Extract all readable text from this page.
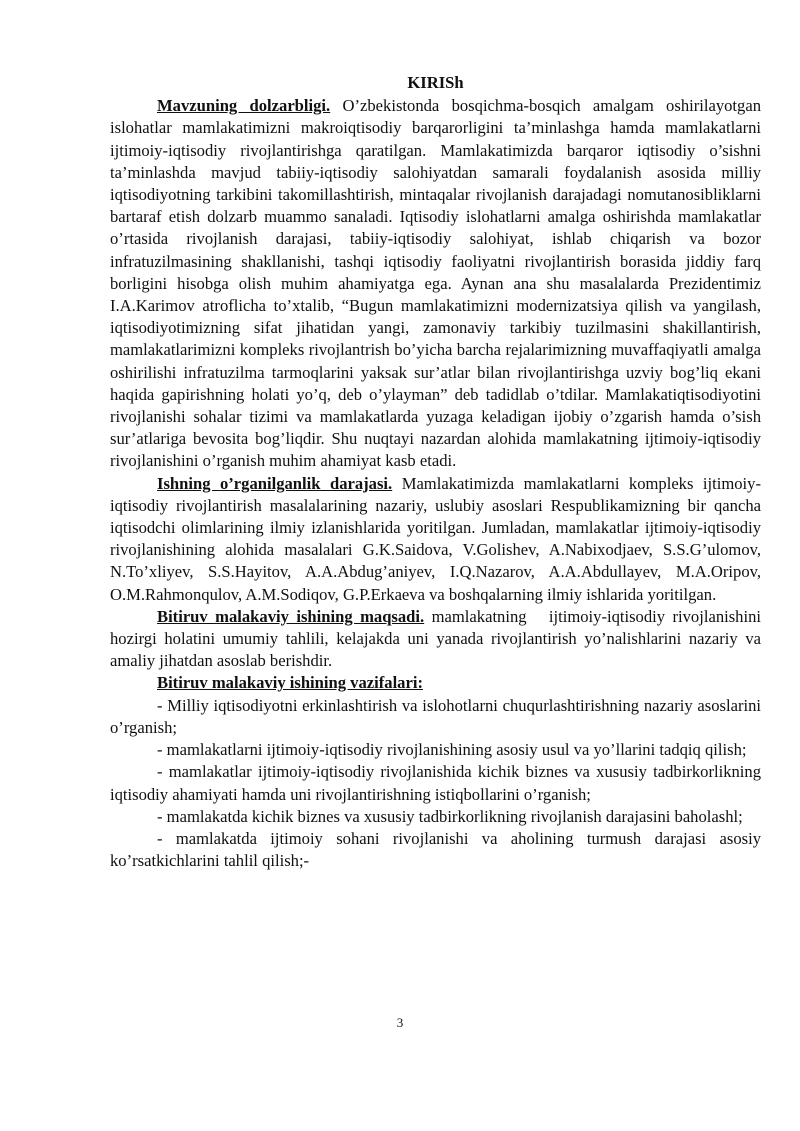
KIRISh

Mavzuning dolzarbligi. O’zbekistonda bosqichma-bosqich amalgam oshirilayotgan islohatlar mamlakatimizni makroiqtisodiy barqarorligini ta’minlashga hamda mamlakatlarni ijtimoiy-iqtisodiy rivojlantirishga qaratilgan. Mamlakatimizda barqaror iqtisodiy o’sishni ta’minlashda mavjud tabiiy-iqtisodiy salohiyatdan samarali foydalanish asosida milliy iqtisodiyotning tarkibini takomillashtirish, mintaqalar rivojlanish darajadagi nomutanosibliklarni bartaraf etish dolzarb muammo sanaladi. Iqtisodiy islohatlarni amalga oshirishda mamlakatlar o’rtasida rivojlanish darajasi, tabiiy-iqtisodiy salohiyat, ishlab chiqarish va bozor infratuzilmasining shakllanishi, tashqi iqtisodiy faoliyatni rivojlantirish borasida jiddiy farq borligini hisobga olish muhim ahamiyatga ega. Aynan ana shu masalalarda Prezidentimiz I.A.Karimov atroflicha to’xtalib, “Bugun mamlakatimizni modernizatsiya qilish va yangilash, iqtisodiyotimizning sifat jihatidan yangi, zamonaviy tarkibiy tuzilmasini shakillantirish, mamlakatlarimizni kompleks rivojlantrish bo’yicha barcha rejalarimizning muvaffaqiyatli amalga oshirilishi infratuzilma tarmoqlarini yaksak sur’atlar bilan rivojlantirishga uzviy bog’liq ekani haqida gapirishning holati yo’q, deb o’ylayman” deb tadidlab o’tdilar. Mamlakatiqtisodiyotini rivojlanishi sohalar tizimi va mamlakatlarda yuzaga keladigan ijobiy o’zgarish hamda o’sish sur’atlariga bevosita bog’liqdir. Shu nuqtayi nazardan alohida mamlakatning ijtimoiy-iqtisodiy rivojlanishini o’rganish muhim ahamiyat kasb etadi.

Ishning o’rganilganlik darajasi. Mamlakatimizda mamlakatlarni kompleks ijtimoiy-iqtisodiy rivojlantirish masalalarining nazariy, uslubiy asoslari Respublikamizning bir qancha iqtisodchi olimlarining ilmiy izlanishlarida yoritilgan. Jumladan, mamlakatlar ijtimoiy-iqtisodiy rivojlanishining alohida masalalari G.K.Saidova, V.Golishev, A.Nabixodjaev, S.S.G’ulomov, N.To’xliyev, S.S.Hayitov, A.A.Abdug’aniyev, I.Q.Nazarov, A.A.Abdullayev, M.A.Oripov, O.M.Rahmonqulov, A.M.Sodiqov, G.P.Erkaeva va boshqalarning ilmiy ishlarida yoritilgan.

Bitiruv malakaviy ishining maqsadi. mamlakatning   ijtimoiy-iqtisodiy rivojlanishini hozirgi holatini umumiy tahlili, kelajakda uni yanada rivojlantirish yo’nalishlarini nazariy va amaliy jihatdan asoslab berishdir.

Bitiruv malakaviy ishining vazifalari:

- Milliy iqtisodiyotni erkinlashtirish va islohotlarni chuqurlashtirishning nazariy asoslarini o’rganish;

- mamlakatlarni ijtimoiy-iqtisodiy rivojlanishining asosiy usul va yo’llarini tadqiq qilish;

- mamlakatlar ijtimoiy-iqtisodiy rivojlanishida kichik biznes va xususiy tadbirkorlikning iqtisodiy ahamiyati hamda uni rivojlantirishning istiqbollarini o’rganish;

- mamlakatda kichik biznes va xususiy tadbirkorlikning rivojlanish darajasini baholashl;

- mamlakatda ijtimoiy sohani rivojlanishi va aholining turmush darajasi asosiy ko’rsatkichlarini tahlil qilish;-

3
